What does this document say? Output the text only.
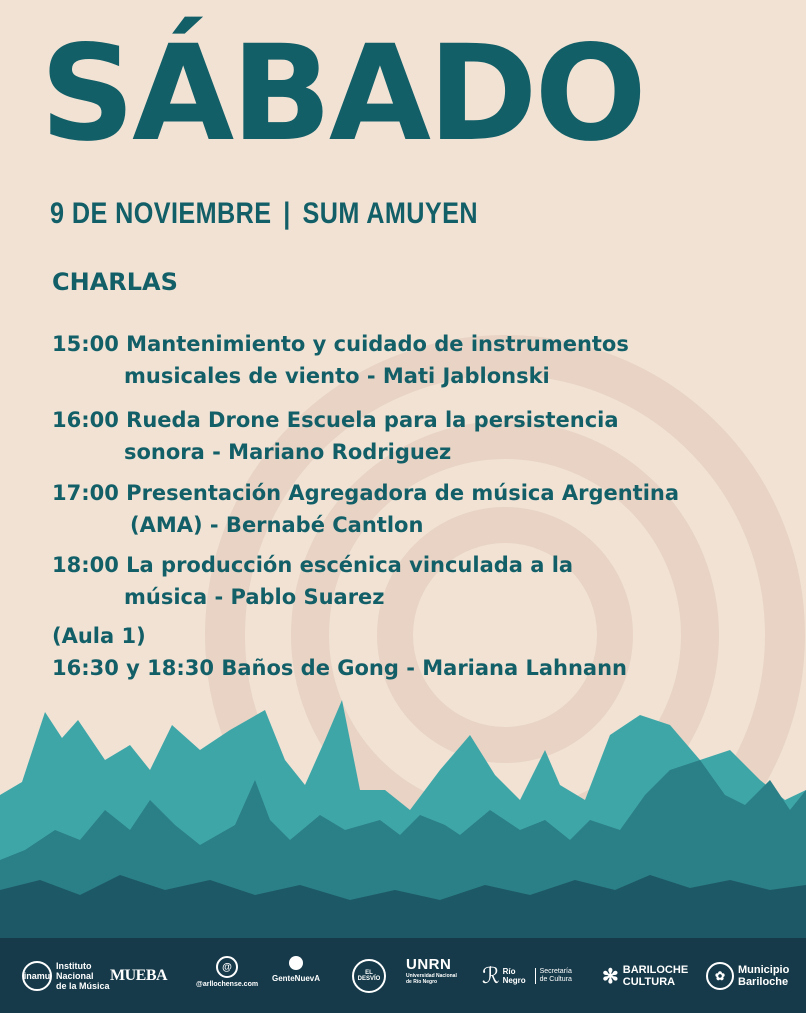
SÁBADO
9 DE NOVIEMBRE | SUM AMUYEN
CHARLAS
15:00 Mantenimiento y cuidado de instrumentos
musicales de viento - Mati Jablonski
16:00 Rueda Drone Escuela para la persistencia
sonora - Mariano Rodriguez
17:00 Presentación Agregadora de música Argentina
(AMA) - Bernabé Cantlon
18:00 La producción escénica vinculada a la
música - Pablo Suarez
(Aula 1)
16:30 y 18:30 Baños de Gong - Mariana Lahnann
inamu
Instituto
Nacional
de la Música
MUEBA	@
@arllochense.com
GenteNuevA
EL DESVÍO
UNRN
Universidad Nacional
de Río Negro	ℛ Río Negro
Secretaría
de Cultura ✻ BARILOCHE
CULTURA	✿	Municipio
Bariloche
